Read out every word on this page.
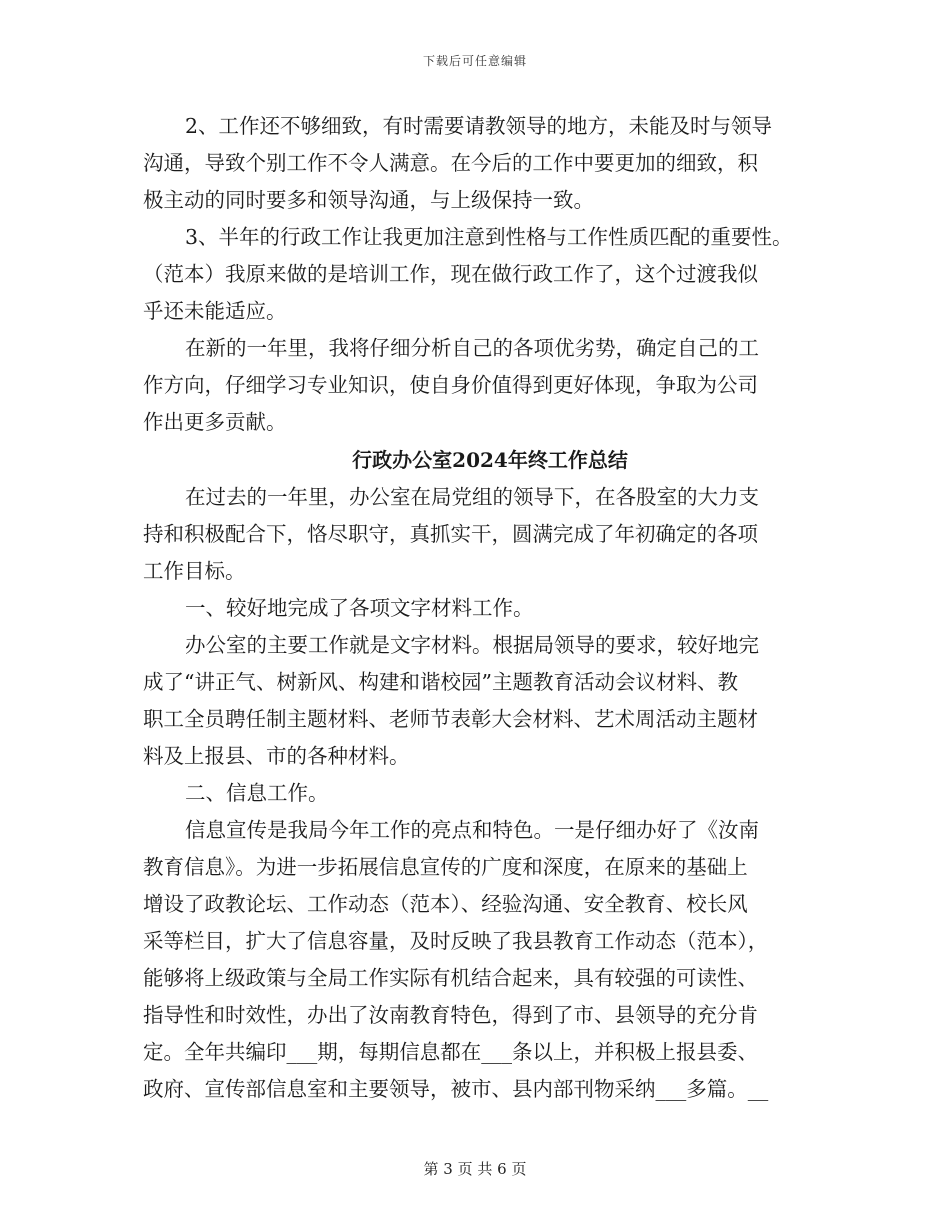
下载后可任意编辑
2、工作还不够细致，有时需要请教领导的地方，未能及时与领导
沟通，导致个别工作不令人满意。在今后的工作中要更加的细致，积
极主动的同时要多和领导沟通，与上级保持一致。
3、半年的行政工作让我更加注意到性格与工作性质匹配的重要性。
（范本）我原来做的是培训工作，现在做行政工作了，这个过渡我似
乎还未能适应。
在新的一年里，我将仔细分析自己的各项优劣势，确定自己的工
作方向，仔细学习专业知识，使自身价值得到更好体现，争取为公司
作出更多贡献。
行政办公室2024年终工作总结
在过去的一年里，办公室在局党组的领导下，在各股室的大力支
持和积极配合下，恪尽职守，真抓实干，圆满完成了年初确定的各项
工作目标。
一、较好地完成了各项文字材料工作。
办公室的主要工作就是文字材料。根据局领导的要求，较好地完
成了“讲正气、树新风、构建和谐校园”主题教育活动会议材料、教
职工全员聘任制主题材料、老师节表彰大会材料、艺术周活动主题材
料及上报县、市的各种材料。
二、信息工作。
信息宣传是我局今年工作的亮点和特色。一是仔细办好了《汝南
教育信息》。为进一步拓展信息宣传的广度和深度，在原来的基础上
增设了政教论坛、工作动态（范本）、经验沟通、安全教育、校长风
采等栏目，扩大了信息容量，及时反映了我县教育工作动态（范本），
能够将上级政策与全局工作实际有机结合起来，具有较强的可读性、
指导性和时效性，办出了汝南教育特色，得到了市、县领导的充分肯
定。全年共编印___期，每期信息都在___条以上，并积极上报县委、
政府、宣传部信息室和主要领导，被市、县内部刊物采纳___多篇。__
第 3 页 共 6 页
